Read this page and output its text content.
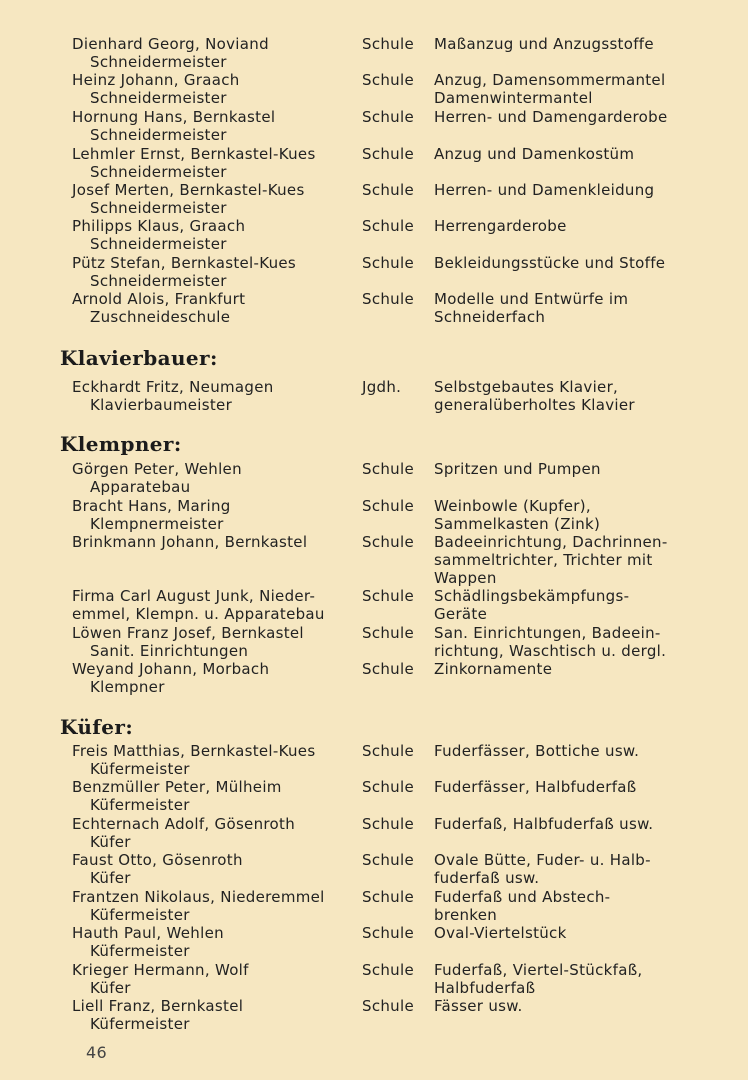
Dienhard Georg, Noviand
Schneidermeister
Schule Maßanzug und Anzugsstoffe
Heinz Johann, Graach
Schneidermeister
Schule Anzug, Damensommermantel
Damenwintermantel
Hornung Hans, Bernkastel
Schneidermeister
Schule Herren- und Damengarderobe
Lehmler Ernst, Bernkastel-Kues
Schneidermeister
Schule Anzug und Damenkostüm
Josef Merten, Bernkastel-Kues
Schneidermeister
Schule Herren- und Damenkleidung
Philipps Klaus, Graach
Schneidermeister
Schule Herrengarderobe
Pütz Stefan, Bernkastel-Kues
Schneidermeister
Schule Bekleidungsstücke und Stoffe
Arnold Alois, Frankfurt
Zuschneideschule
Schule Modelle und Entwürfe im
Schneiderfach
Klavierbauer:
Eckhardt Fritz, Neumagen
Klavierbaumeister
Jgdh. Selbstgebautes Klavier,
generalüberholtes Klavier
Klempner:
Görgen Peter, Wehlen
Apparatebau
Schule Spritzen und Pumpen
Bracht Hans, Maring
Klempnermeister
Schule Weinbowle (Kupfer),
Sammelkasten (Zink)
Brinkmann Johann, Bernkastel	Schule Badeeinrichtung, Dachrinnen-
sammeltrichter, Trichter mit
Wappen
Firma Carl August Junk, Nieder-
emmel, Klempn. u. Apparatebau
Schule Schädlingsbekämpfungs-
Geräte
Löwen Franz Josef, Bernkastel
Sanit. Einrichtungen
Schule San. Einrichtungen, Badeein-
richtung, Waschtisch u. dergl.
Weyand Johann, Morbach
Klempner
Schule Zinkornamente
Küfer:
Freis Matthias, Bernkastel-Kues
Küfermeister
Schule Fuderfässer, Bottiche usw.
Benzmüller Peter, Mülheim
Küfermeister
Schule Fuderfässer, Halbfuderfaß
Echternach Adolf, Gösenroth
Küfer
Schule Fuderfaß, Halbfuderfaß usw.
Faust Otto, Gösenroth
Küfer
Schule Ovale Bütte, Fuder- u. Halb-
fuderfaß usw.
Frantzen Nikolaus, Niederemmel
Küfermeister
Schule Fuderfaß und Abstech-
brenken
Hauth Paul, Wehlen
Küfermeister
Schule Oval-Viertelstück
Krieger Hermann, Wolf
Küfer
Schule Fuderfaß, Viertel-Stückfaß,
Halbfuderfaß
Liell Franz, Bernkastel
Küfermeister
Schule Fässer usw.
46
